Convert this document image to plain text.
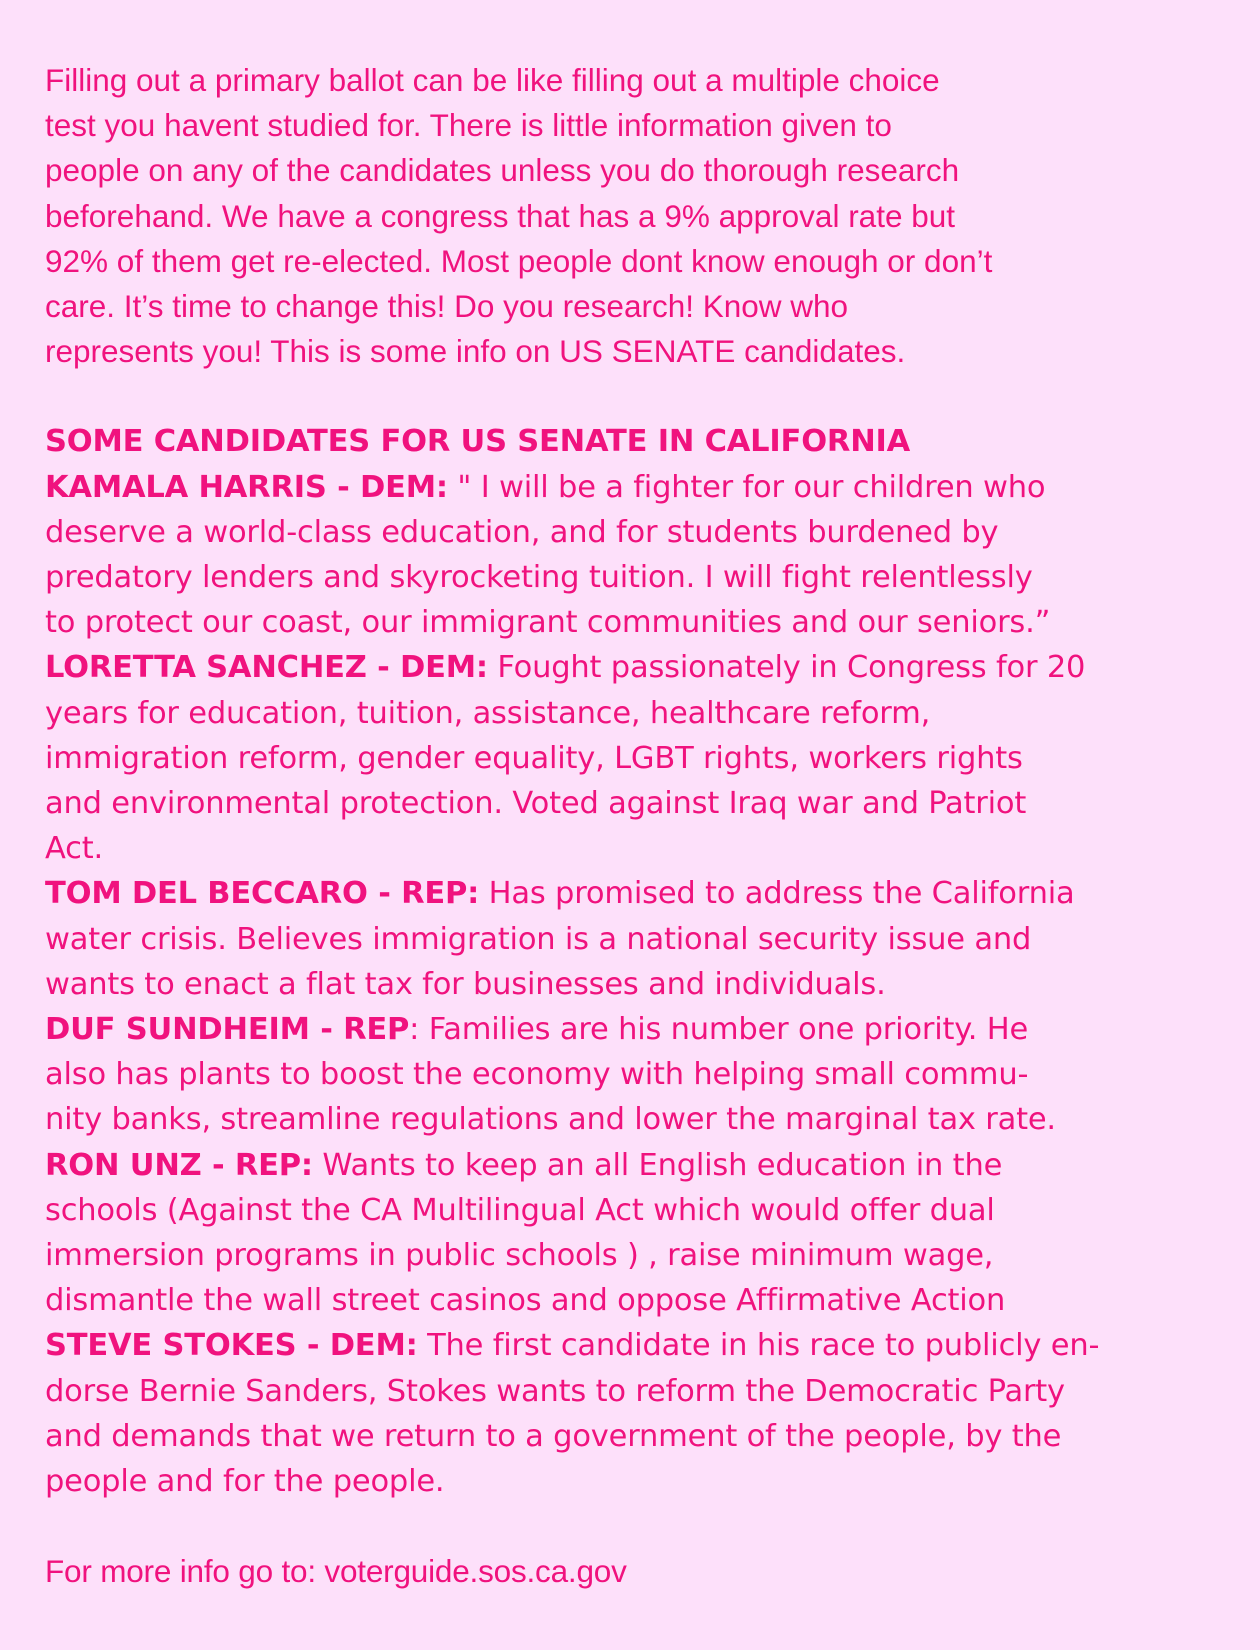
Filling out a primary ballot can be like filling out a multiple choice
test you havent studied for. There is little information given to
people on any of the candidates unless you do thorough research
beforehand. We have a congress that has a 9% approval rate but
92% of them get re-elected. Most people dont know enough or don’t
care. It’s time to change this! Do you research! Know who
represents you! This is some info on US SENATE candidates.
SOME CANDIDATES FOR US SENATE IN CALIFORNIA
KAMALA HARRIS - DEM: " I will be a fighter for our children who
deserve a world-class education, and for students burdened by
predatory lenders and skyrocketing tuition. I will fight relentlessly
to protect our coast, our immigrant communities and our seniors.”
LORETTA SANCHEZ - DEM: Fought passionately in Congress for 20
years for education, tuition, assistance, healthcare reform,
immigration reform, gender equality, LGBT rights, workers rights
and environmental protection. Voted against Iraq war and Patriot
Act.
TOM DEL BECCARO - REP: Has promised to address the California
water crisis. Believes immigration is a national security issue and
wants to enact a flat tax for businesses and individuals.
DUF SUNDHEIM - REP: Families are his number one priority. He
also has plants to boost the economy with helping small commu-
nity banks, streamline regulations and lower the marginal tax rate.
RON UNZ - REP: Wants to keep an all English education in the
schools (Against the CA Multilingual Act which would offer dual
immersion programs in public schools ) , raise minimum wage,
dismantle the wall street casinos and oppose Affirmative Action
STEVE STOKES - DEM: The first candidate in his race to publicly en-
dorse Bernie Sanders, Stokes wants to reform the Democratic Party
and demands that we return to a government of the people, by the
people and for the people.
For more info go to: voterguide.sos.ca.gov
